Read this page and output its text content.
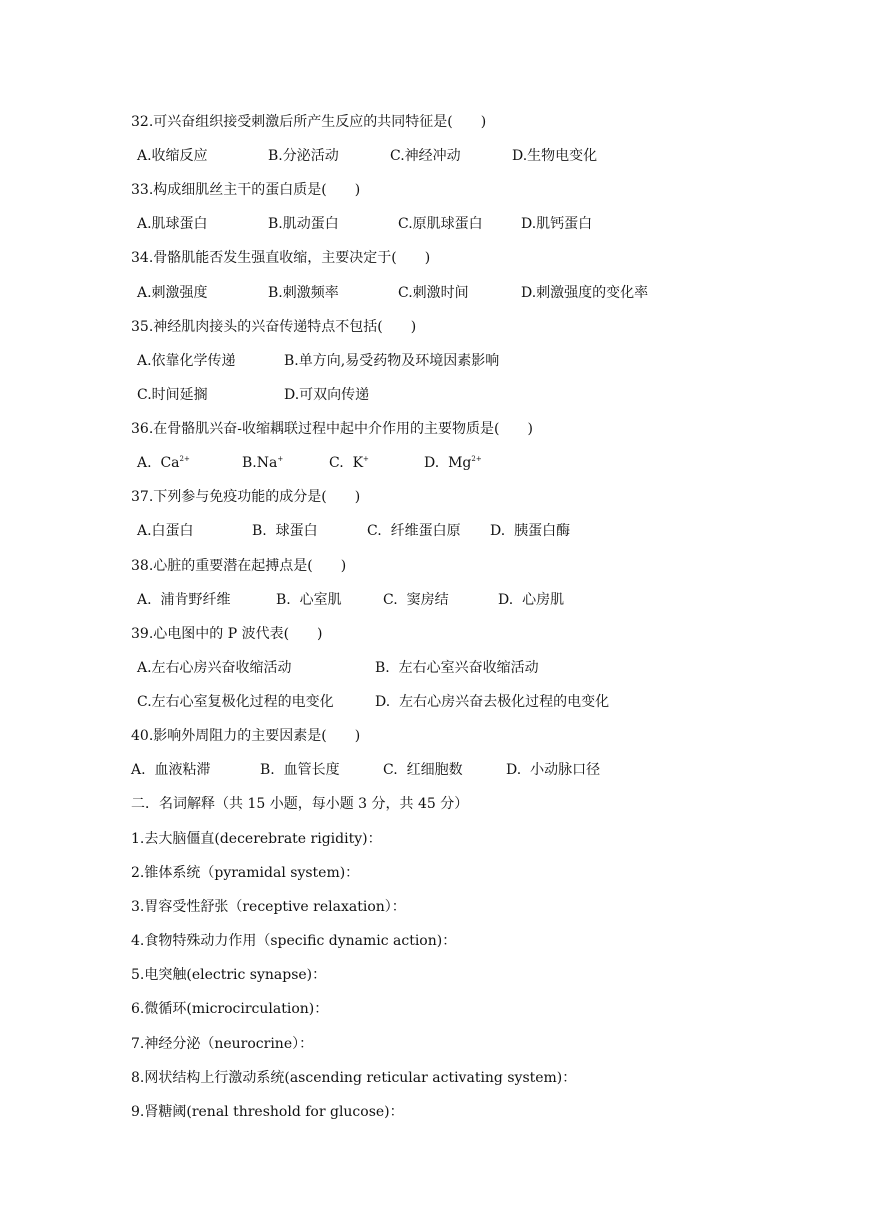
32.可兴奋组织接受刺激后所产生反应的共同特征是(　　)
A.收缩反应	B.分泌活动	C.神经冲动	D.生物电变化
33.构成细肌丝主干的蛋白质是(　　)
A.肌球蛋白	B.肌动蛋白	C.原肌球蛋白	D.肌钙蛋白
34.骨骼肌能否发生强直收缩，主要决定于(　　)
A.刺激强度	B.刺激频率	C.刺激时间	D.刺激强度的变化率
35.神经肌肉接头的兴奋传递特点不包括(　　)
A.依靠化学传递	B.单方向,易受药物及环境因素影响
C.时间延搁	D.可双向传递
36.在骨骼肌兴奋-收缩耦联过程中起中介作用的主要物质是(　　)
A.  $Ca^{2+}$	B.Na+	C.  K+	D.  $Mg^{2+}$
37.下列参与免疫功能的成分是(　　)
A.白蛋白	B.  球蛋白	C.  纤维蛋白原 D.  胰蛋白酶
38.心脏的重要潜在起搏点是(　　)
A.  浦肯野纤维	B.  心室肌	C.  窦房结	D.  心房肌
39.心电图中的 P 波代表(　　)
A.左右心房兴奋收缩活动	B.  左右心室兴奋收缩活动
C.左右心室复极化过程的电变化	D.  左右心房兴奋去极化过程的电变化
40.影响外周阻力的主要因素是(　　)
A.  血液粘滞	B.  血管长度	C.  红细胞数	D.  小动脉口径
二．名词解释（共 15 小题，每小题 3 分，共 45 分）
1.去大脑僵直(decerebrate rigidity)：
2.锥体系统（pyramidal system)：
3.胃容受性舒张（receptive relaxation）：
4.食物特殊动力作用（specific dynamic action)：
5.电突触(electric synapse)：
6.微循环(microcirculation)：
7.神经分泌（neurocrine）：
8.网状结构上行激动系统(ascending reticular activating system)：
9.肾糖阈(renal threshold for glucose)：
